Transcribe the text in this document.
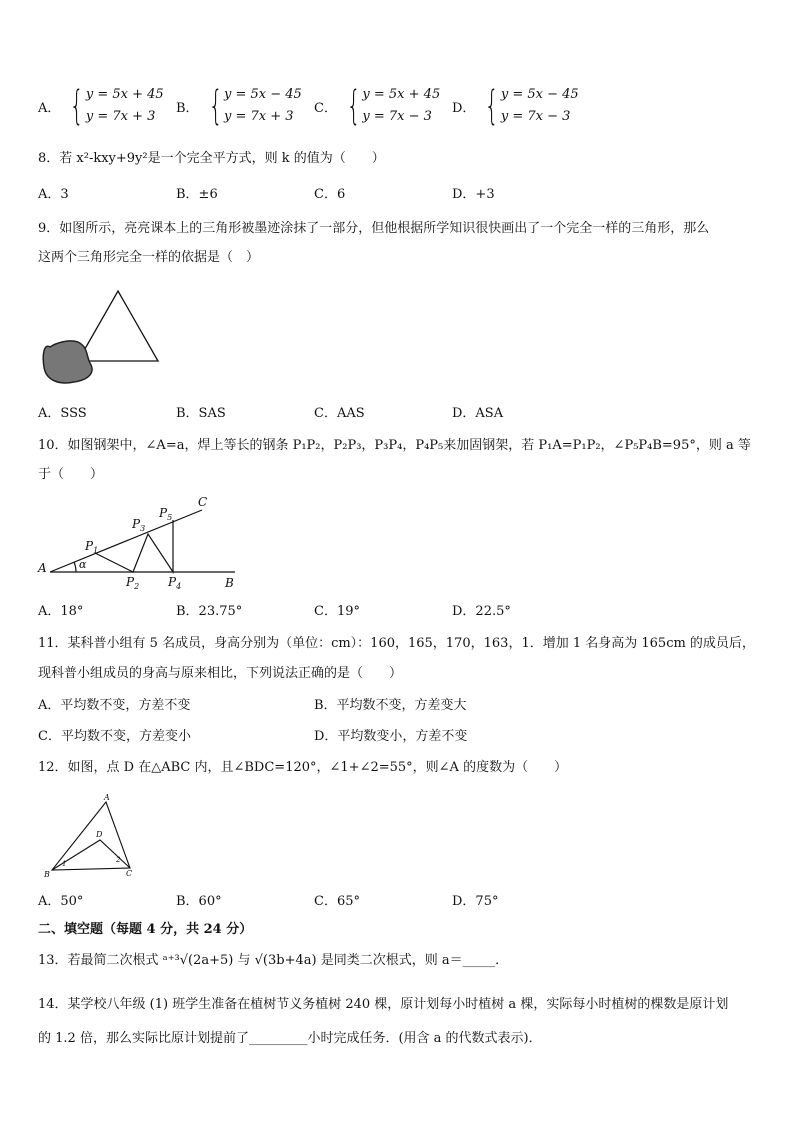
A． { y = 5x + 45
y = 7x + 3
B． { y = 5x − 45
y = 7x + 3
C． { y = 5x + 45
y = 7x − 3
D． { y = 5x − 45
y = 7x − 3
8．若 x²-kxy+9y²是一个完全平方式，则 k 的值为（　　）
A．3	B．±6	C．6	D．+3
9．如图所示，亮亮课本上的三角形被墨迹涂抹了一部分，但他根据所学知识很快画出了一个完全一样的三角形，那么
这两个三角形完全一样的依据是（　）
A．SSS	B．SAS	C．AAS	D．ASA
10．如图钢架中，∠A=a，焊上等长的钢条 P₁P₂，P₂P₃，P₃P₄，P₄P₅来加固钢架，若 P₁A=P₁P₂，∠P₅P₄B=95°，则 a 等
于（　　）
A
B
C
α
$P_1$
$P_2$
$P_3$
$P_4$
$P_5$
A．18°	B．23.75°	C．19°	D．22.5°
11．某科普小组有 5 名成员，身高分别为（单位：cm）：160，165，170，163，1．增加 1 名身高为 165cm 的成员后，
现科普小组成员的身高与原来相比，下列说法正确的是（　　）
A．平均数不变，方差不变	B．平均数不变，方差变大
C．平均数不变，方差变小	D．平均数变小，方差不变
12．如图，点 D 在△ABC 内，且∠BDC=120°，∠1+∠2=55°，则∠A 的度数为（　　）
A
B	C
D
1	2
A．50°	B．60°	C．65°	D．75°
二、填空题（每题 4 分，共 24 分）
13．若最简二次根式 ᵃ⁺³√(2a+5) 与 √(3b+4a) 是同类二次根式，则 a＝_____．
14．某学校八年级 (1) 班学生准备在植树节义务植树 240 棵，原计划每小时植树 a 棵，实际每小时植树的棵数是原计划
的 1.2 倍，那么实际比原计划提前了_________小时完成任务．(用含 a 的代数式表示)．
